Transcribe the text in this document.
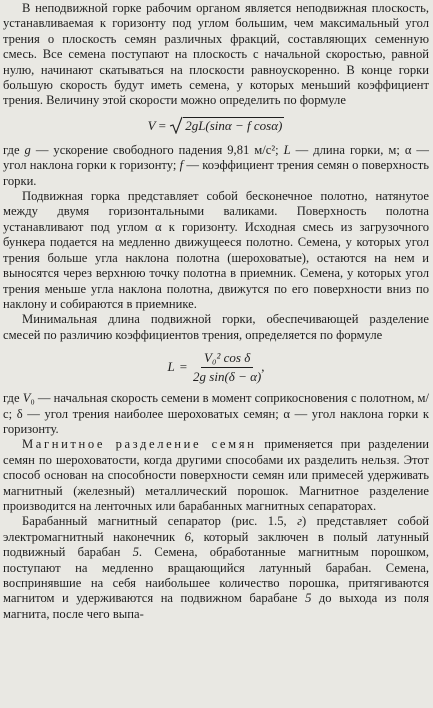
В неподвижной горке рабочим органом является неподвижная плоскость, устанавливаемая к горизонту под углом большим, чем максимальный угол трения о плоскость семян различных фракций, составляющих семенную смесь. Все семена поступают на плоскость с начальной скоростью, равной нулю, начинают скатываться на плоскости равноускоренно. В конце горки большую скорость будут иметь семена, у которых меньший коэффициент трения. Величину этой скорости можно определить по формуле

V = 2gL(sinα − f cosα)

где g — ускорение свободного падения 9,81 м/с²; L — длина горки, м; α — угол наклона горки к горизонту; f — коэффициент трения семян о поверхность горки.

Подвижная горка представляет собой бесконечное полотно, натянутое между двумя горизонтальными валиками. Поверхность полотна устанавливают под углом α к горизонту. Исходная смесь из загрузочного бункера подается на медленно движущееся полотно. Семена, у которых угол трения больше угла наклона полотна (шероховатые), остаются на нем и выносятся через верхнюю точку полотна в приемник. Семена, у которых угол трения меньше угла наклона полотна, движутся по его поверхности вниз по наклону и собираются в приемнике.

Минимальная длина подвижной горки, обеспечивающей разделение смесей по различию коэффициентов трения, определяется по формуле

$L = \frac{\text{V₀² cos δ}}{\text{2g sin(δ − α)}}$ ,

где V₀ — начальная скорость семени в момент соприкосновения с полотном, м/с; δ — угол трения наиболее шероховатых семян; α — угол наклона горки к горизонту.

Магнитное разделение семян применяется при разделении семян по шероховатости, когда другими способами их разделить нельзя. Этот способ основан на способности поверхности семян или примесей удерживать магнитный (железный) металлический порошок. Магнитное разделение производится на ленточных или барабанных магнитных сепараторах.

Барабанный магнитный сепаратор (рис. 1.5, г) представляет собой электромагнитный наконечник 6, который заключен в полый латунный подвижный барабан 5. Семена, обработанные магнитным порошком, поступают на медленно вращающийся латунный барабан. Семена, воспринявшие на себя наибольшее количество порошка, притягиваются магнитом и удерживаются на подвижном барабане 5 до выхода из поля магнита, после чего выпа-
